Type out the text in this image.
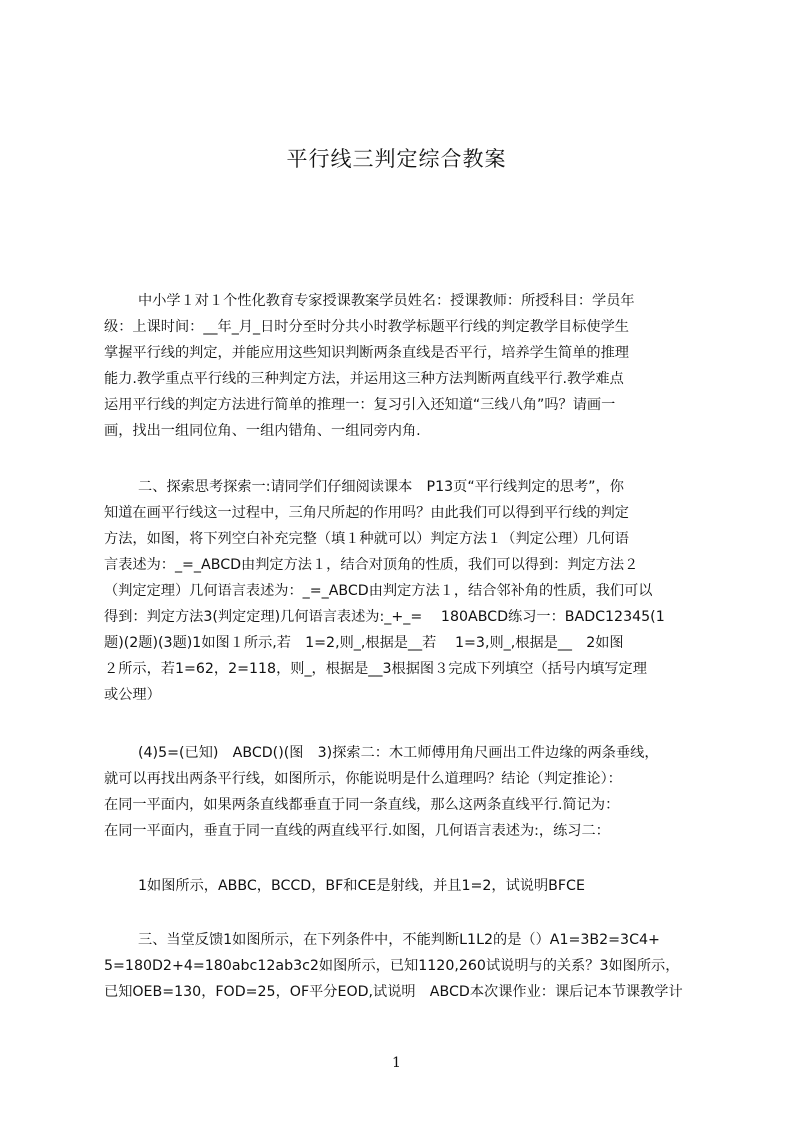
平行线三判定综合教案
中小学１对１个性化教育专家授课教案学员姓名：授课教师：所授科目：学员年
级：上课时间：__年_月_日时分至时分共小时教学标题平行线的判定教学目标使学生
掌握平行线的判定，并能应用这些知识判断两条直线是否平行，培养学生简单的推理
能力.教学重点平行线的三种判定方法，并运用这三种方法判断两直线平行.教学难点
运用平行线的判定方法进行简单的推理一：复习引入还知道“三线八角”吗？请画一
画，找出一组同位角、一组内错角、一组同旁内角.
二、探索思考探索一:请同学们仔细阅读课本　P13页“平行线判定的思考”，你
知道在画平行线这一过程中，三角尺所起的作用吗？由此我们可以得到平行线的判定
方法，如图，将下列空白补充完整（填１种就可以）判定方法１（判定公理）几何语
言表述为：_=_ABCD由判定方法１，结合对顶角的性质，我们可以得到：判定方法２
（判定定理）几何语言表述为：_=_ABCD由判定方法１，结合邻补角的性质，我们可以
得到：判定方法3(判定定理)几何语言表述为:_+_=　 180ABCD练习一：BADC12345(1
题)(2题)(3题)1如图１所示,若　1=2,则_,根据是__若　 1=3,则_,根据是__　2如图
２所示，若1=62，2=118，则_，根据是__3根据图３完成下列填空（括号内填写定理
或公理）
(4)5=(已知)　ABCD()(图　3)探索二：木工师傅用角尺画出工件边缘的两条垂线，
就可以再找出两条平行线，如图所示，你能说明是什么道理吗？结论（判定推论）：
在同一平面内，如果两条直线都垂直于同一条直线，那么这两条直线平行.简记为：
在同一平面内，垂直于同一直线的两直线平行.如图，几何语言表述为:，练习二：
1如图所示，ABBC，BCCD，BF和CE是射线，并且1=2，试说明BFCE
三、当堂反馈1如图所示，在下列条件中，不能判断L1L2的是（）A1=3B2=3C4+
5=180D2+4=180abc12ab3c2如图所示，已知1120,260试说明与的关系？3如图所示，
已知OEB=130，FOD=25，OF平分EOD,试说明　ABCD本次课作业：课后记本节课教学计
1
